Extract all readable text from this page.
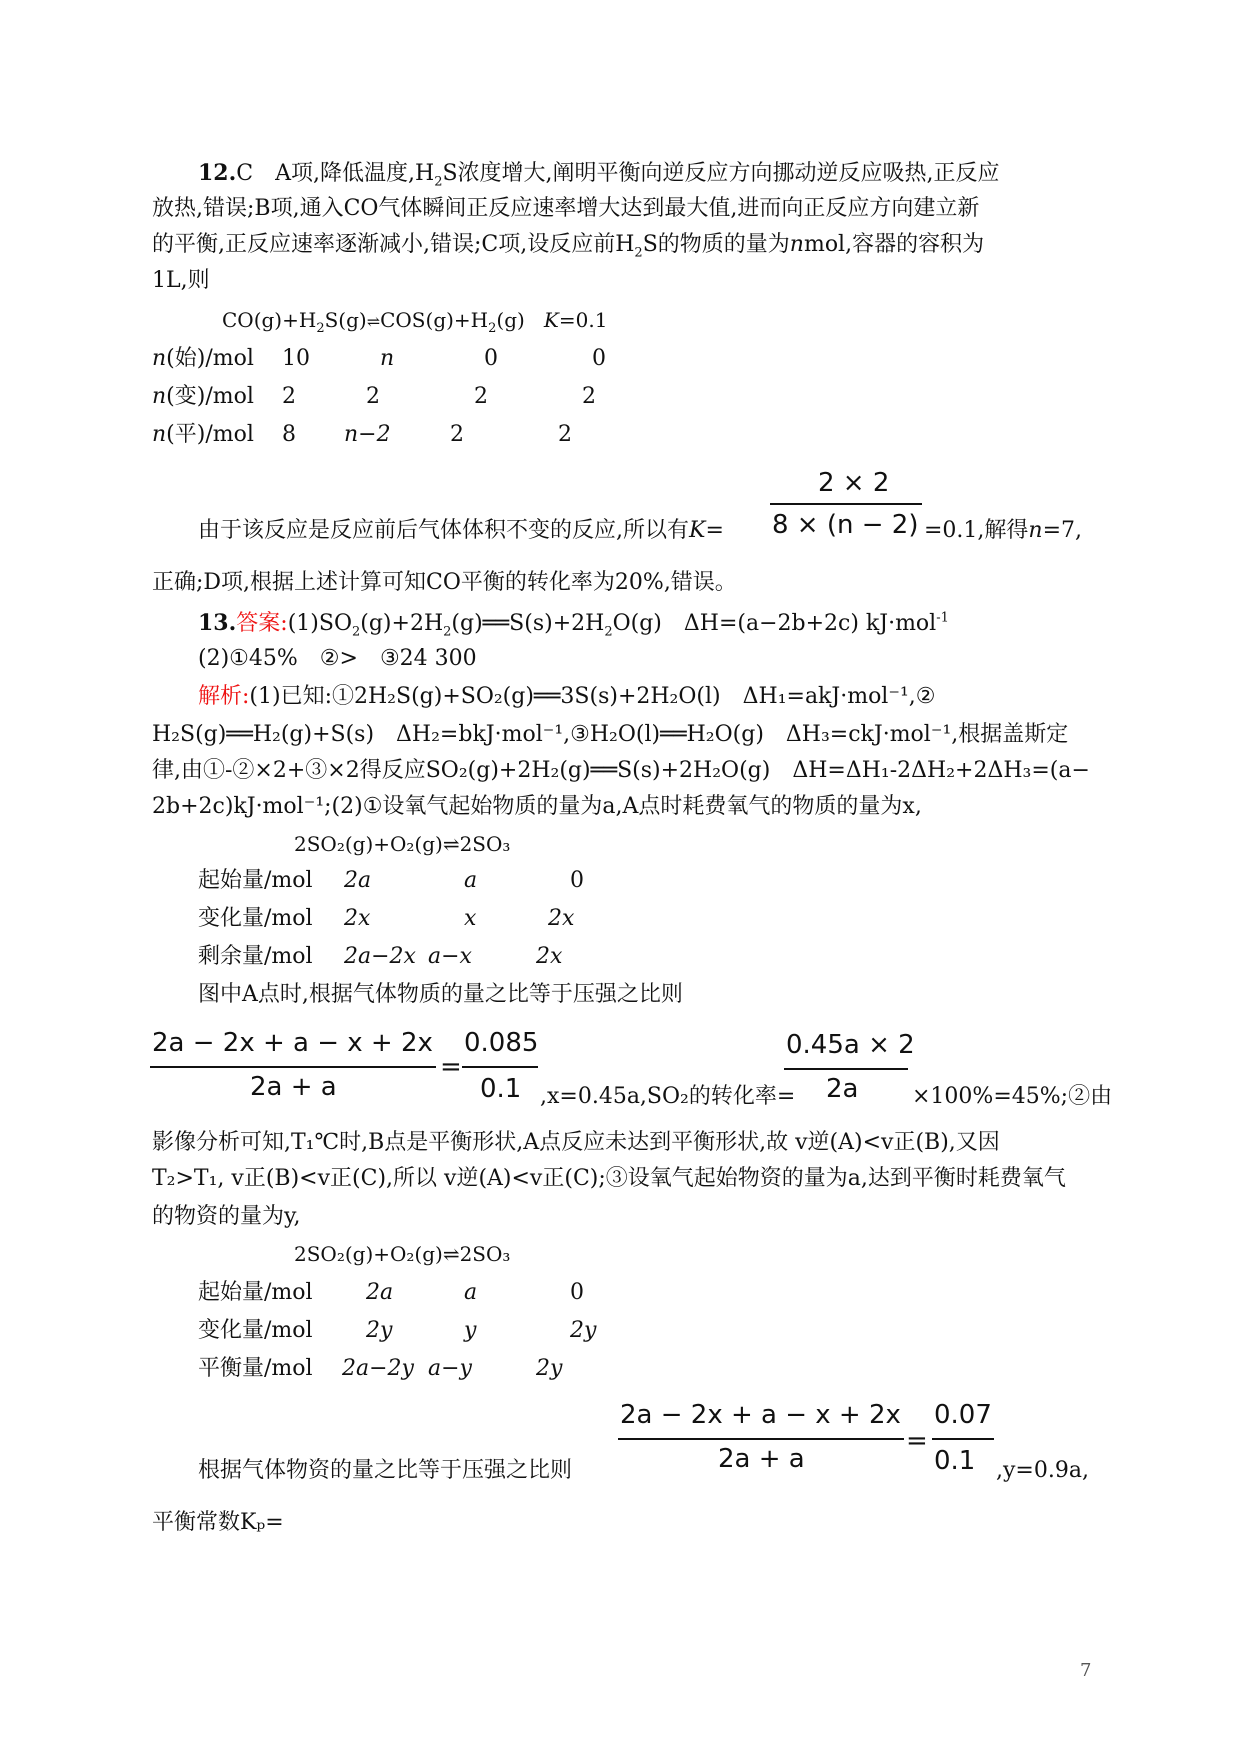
12.C　A项,降低温度$,H_2S$浓度增大,阐明平衡向逆反应方向挪动逆反应吸热,正反应
放热,错误;B项,通入CO气体瞬间正反应速率增大达到最大值,进而向正反应方向建立新
的平衡,正反应速率逐渐减小,错误;C项,设反应前$H_2S$的物质的量为nmol,容器的容积为
1L,则
$CO(g)+H_2S(g)\rightleftharpoons COS(g)+H_2(g)$ K=0.1
n(始)/mol 10	n	0	0
n(变)/mol 2	2	2	2
n(平)/mol 8 n−2	2	2
2 × 2
8 × (n − 2)
由于该反应是反应前后气体体积不变的反应,所以有K=	=0.1,解得n=7,
正确;D项,根据上述计算可知CO平衡的转化率为20%,错误。
13.答案$:(1)SO_2(g)+2H_2(g)══S(s)+2H_2O(g)$　ΔH=(a−2b+2c) kJ·mol$^{-1}$
(2)①45%　②>　③24 300
解析:(1)已知:①2H₂S(g)+SO₂(g)══3S(s)+2H₂O(l)　ΔH₁=akJ·mol⁻¹,②
H₂S(g)══H₂(g)+S(s)　ΔH₂=bkJ·mol⁻¹,③H₂O(l)══H₂O(g)　ΔH₃=ckJ·mol⁻¹,根据盖斯定
律,由①-②×2+③×2得反应SO₂(g)+2H₂(g)══S(s)+2H₂O(g)　ΔH=ΔH₁-2ΔH₂+2ΔH₃=(a−
2b+2c)kJ·mol⁻¹;(2)①设氧气起始物质的量为a,A点时耗费氧气的物质的量为x,
2SO₂(g)+O₂(g)⇌2SO₃
起始量/mol 2a	a	0
变化量/mol 2x	x	2x
剩余量/mol 2a−2x a−x	2x
图中A点时,根据气体物质的量之比等于压强之比则
2a − 2x + a − x + 2x
2a + a
=
0.085
0.1 ,x=0.45a,SO₂的转化率=
0.45a × 2
2a ×100%=45%;②由
影像分析可知,T₁℃时,B点是平衡形状,A点反应未达到平衡形状,故 v逆(A)<v正(B),又因
T₂>T₁, v正(B)<v正(C),所以 v逆(A)<v正(C);③设氧气起始物资的量为a,达到平衡时耗费氧气
的物资的量为y,
2SO₂(g)+O₂(g)⇌2SO₃
起始量/mol 2a	a	0
变化量/mol 2y	y	2y
平衡量/mol 2a−2y a−y	2y
2a − 2x + a − x + 2x
2a + a
=
0.07
0.1
根据气体物资的量之比等于压强之比则	,y=0.9a,
平衡常数Kₚ=
7
